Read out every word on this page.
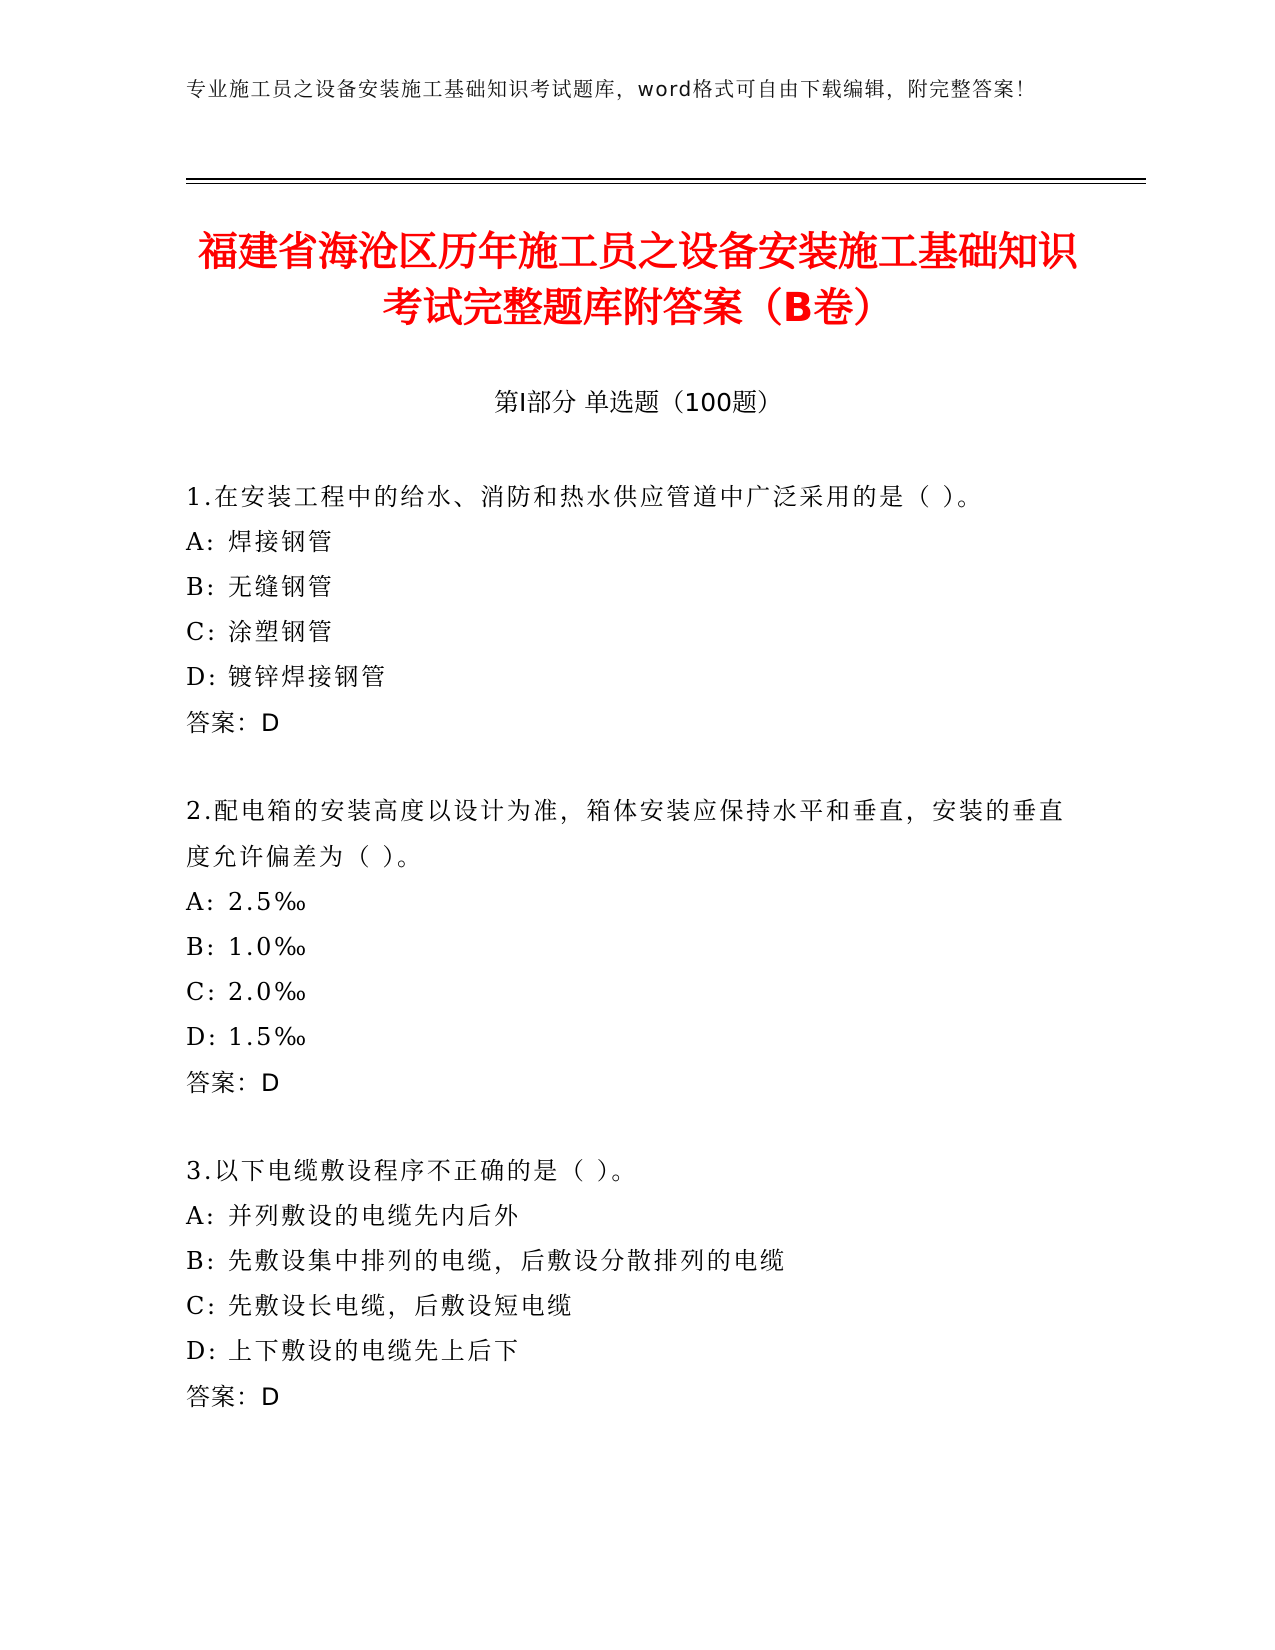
专业施工员之设备安装施工基础知识考试题库，word格式可自由下载编辑，附完整答案！
福建省海沧区历年施工员之设备安装施工基础知识考试完整题库附答案（B卷）
第Ⅰ部分 单选题（100题）
1.在安装工程中的给水、消防和热水供应管道中广泛采用的是（ ）。
A: 焊接钢管
B: 无缝钢管
C: 涂塑钢管
D: 镀锌焊接钢管
答案：D
2.配电箱的安装高度以设计为准，箱体安装应保持水平和垂直，安装的垂直度允许偏差为（ ）。
A: 2.5‰
B: 1.0‰
C: 2.0‰
D: 1.5‰
答案：D
3.以下电缆敷设程序不正确的是（ ）。
A: 并列敷设的电缆先内后外
B: 先敷设集中排列的电缆，后敷设分散排列的电缆
C: 先敷设长电缆，后敷设短电缆
D: 上下敷设的电缆先上后下
答案：D
